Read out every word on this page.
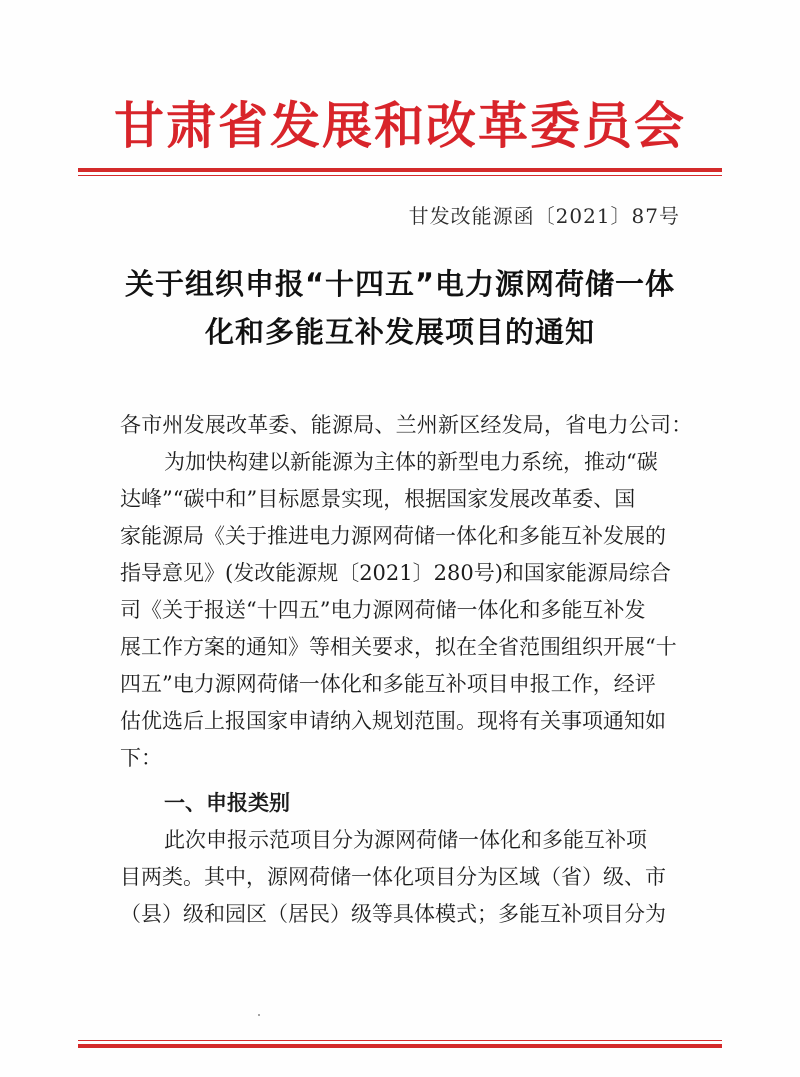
甘肃省发展和改革委员会
甘发改能源函〔2021〕87号
关于组织申报“十四五”电力源网荷储一体
化和多能互补发展项目的通知
各市州发展改革委、能源局、兰州新区经发局，省电力公司：
为加快构建以新能源为主体的新型电力系统，推动“碳
达峰”“碳中和”目标愿景实现，根据国家发展改革委、国
家能源局《关于推进电力源网荷储一体化和多能互补发展的
指导意见》(发改能源规〔2021〕280号)和国家能源局综合
司《关于报送“十四五”电力源网荷储一体化和多能互补发
展工作方案的通知》等相关要求，拟在全省范围组织开展“十
四五”电力源网荷储一体化和多能互补项目申报工作，经评
估优选后上报国家申请纳入规划范围。现将有关事项通知如
下：
一、申报类别
此次申报示范项目分为源网荷储一体化和多能互补项
目两类。其中，源网荷储一体化项目分为区域（省）级、市
（县）级和园区（居民）级等具体模式；多能互补项目分为
